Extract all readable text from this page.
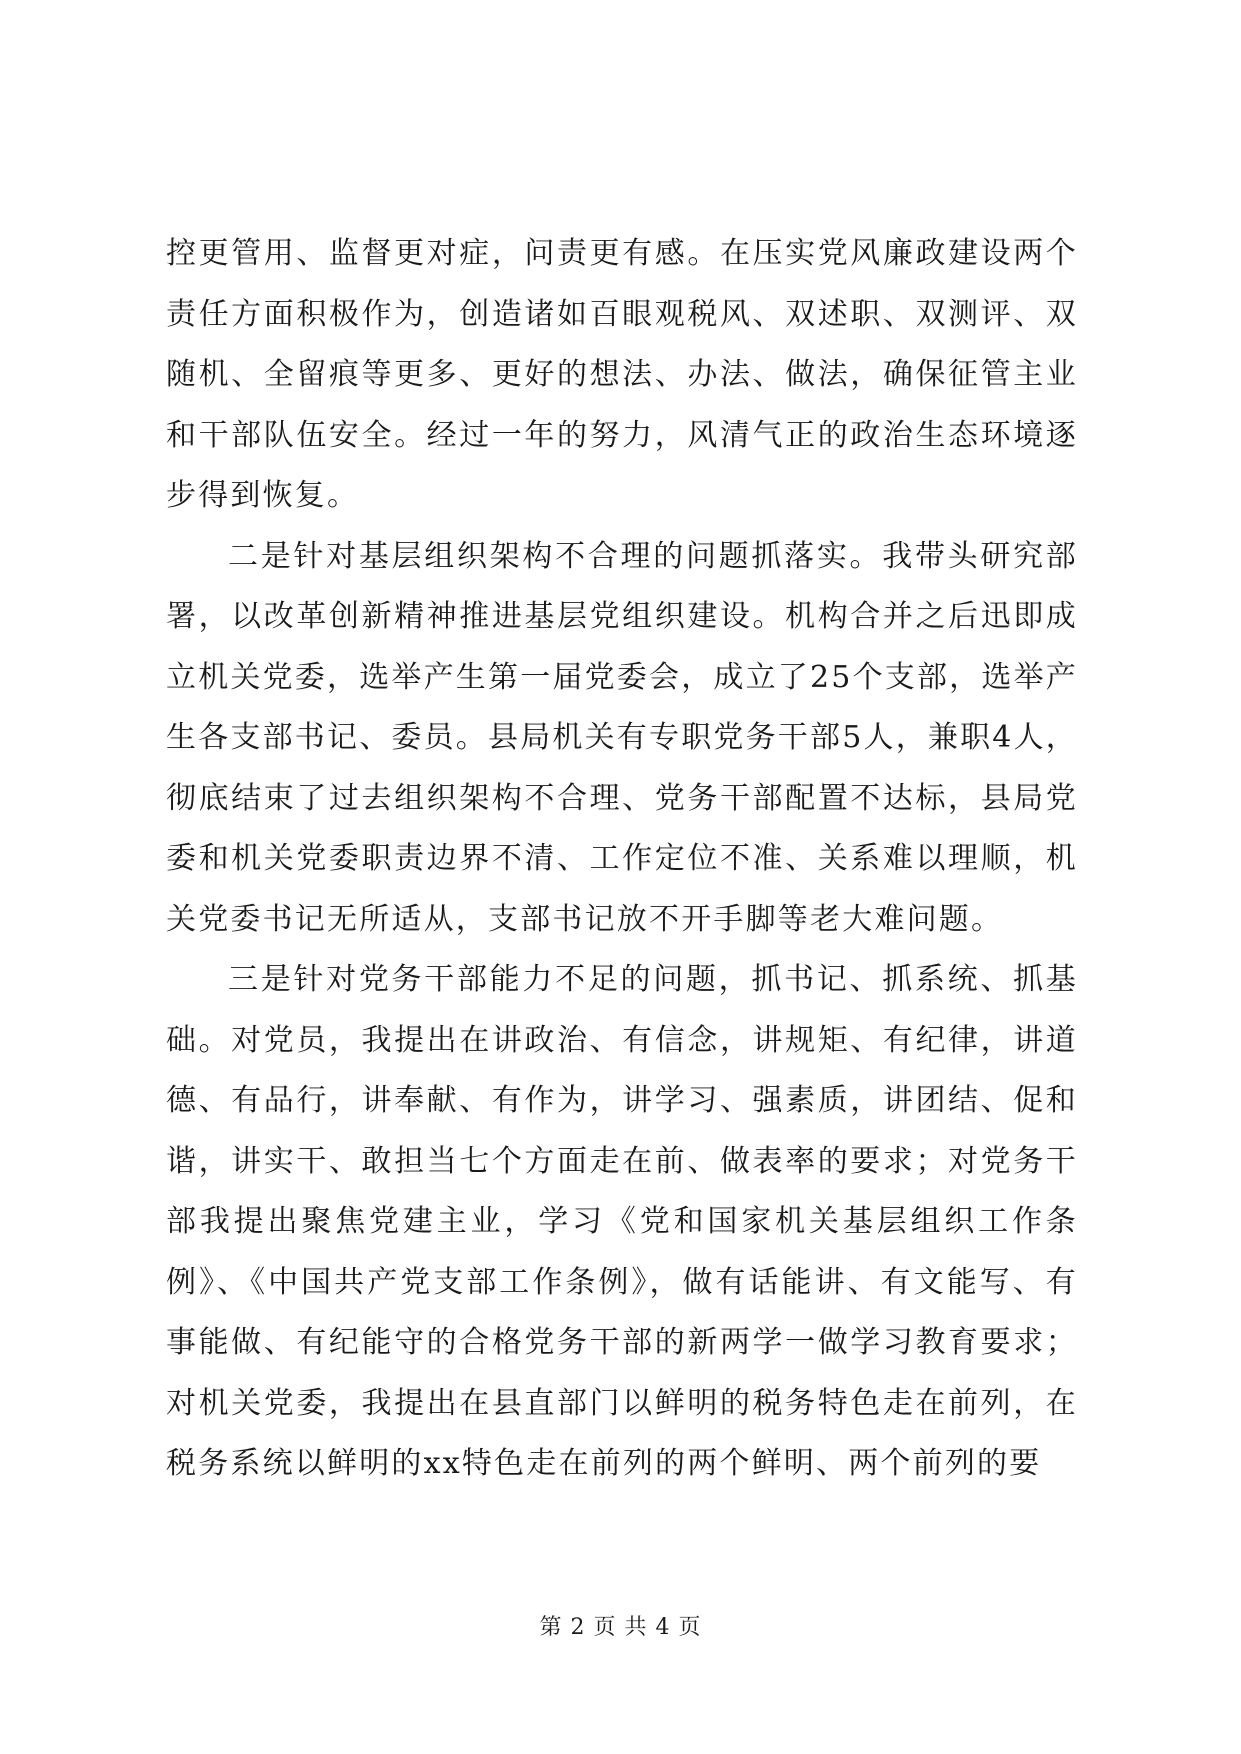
控更管用、监督更对症，问责更有感。在压实党风廉政建设两个责任方面积极作为，创造诸如百眼观税风、双述职、双测评、双随机、全留痕等更多、更好的想法、办法、做法，确保征管主业和干部队伍安全。经过一年的努力，风清气正的政治生态环境逐步得到恢复。

二是针对基层组织架构不合理的问题抓落实。我带头研究部署，以改革创新精神推进基层党组织建设。机构合并之后迅即成立机关党委，选举产生第一届党委会，成立了25个支部，选举产生各支部书记、委员。县局机关有专职党务干部5人，兼职4人，彻底结束了过去组织架构不合理、党务干部配置不达标，县局党委和机关党委职责边界不清、工作定位不准、关系难以理顺，机关党委书记无所适从，支部书记放不开手脚等老大难问题。

三是针对党务干部能力不足的问题，抓书记、抓系统、抓基础。对党员，我提出在讲政治、有信念，讲规矩、有纪律，讲道德、有品行，讲奉献、有作为，讲学习、强素质，讲团结、促和谐，讲实干、敢担当七个方面走在前、做表率的要求；对党务干部我提出聚焦党建主业，学习《党和国家机关基层组织工作条例》、《中国共产党支部工作条例》，做有话能讲、有文能写、有事能做、有纪能守的合格党务干部的新两学一做学习教育要求；对机关党委，我提出在县直部门以鲜明的税务特色走在前列，在税务系统以鲜明的xx特色走在前列的两个鲜明、两个前列的要

第 2 页 共 4 页
